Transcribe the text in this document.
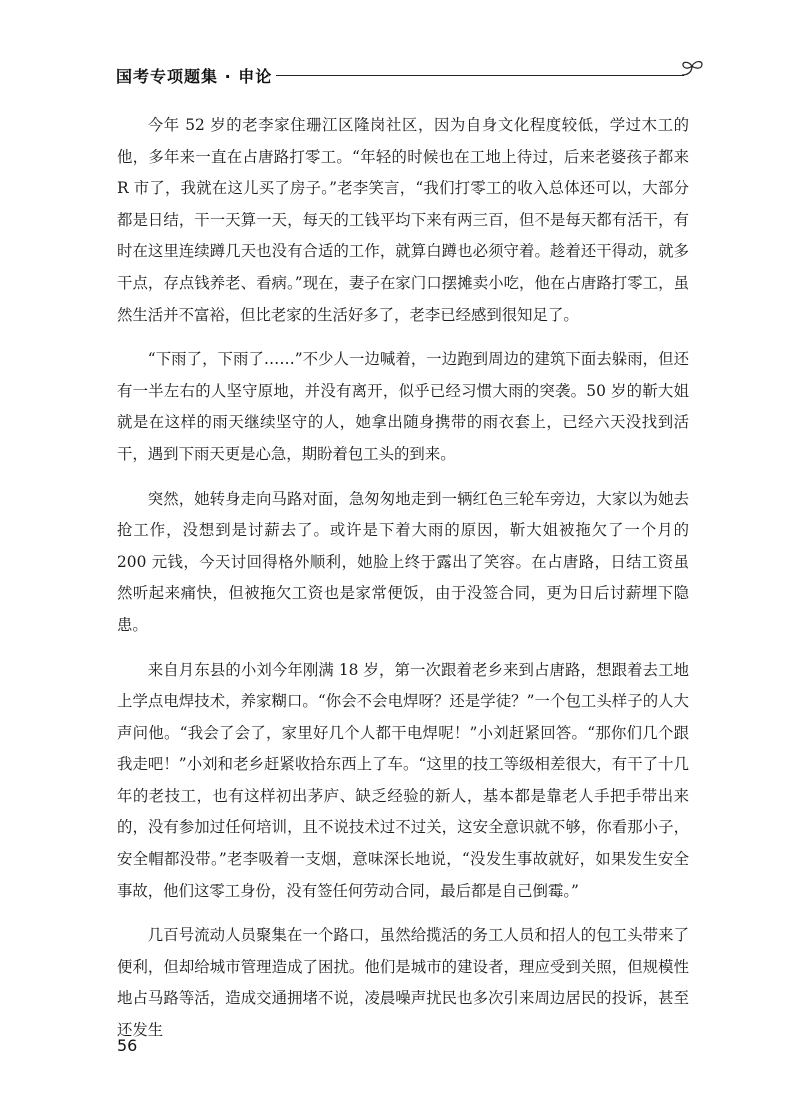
国考专项题集 · 申论

今年 52 岁的老李家住珊江区隆岗社区，因为自身文化程度较低，学过木工的他，多年来一直在占唐路打零工。“年轻的时候也在工地上待过，后来老婆孩子都来 R 市了，我就在这儿买了房子。”老李笑言，“我们打零工的收入总体还可以，大部分都是日结，干一天算一天，每天的工钱平均下来有两三百，但不是每天都有活干，有时在这里连续蹲几天也没有合适的工作，就算白蹲也必须守着。趁着还干得动，就多干点，存点钱养老、看病。”现在，妻子在家门口摆摊卖小吃，他在占唐路打零工，虽然生活并不富裕，但比老家的生活好多了，老李已经感到很知足了。

“下雨了，下雨了……”不少人一边喊着，一边跑到周边的建筑下面去躲雨，但还有一半左右的人坚守原地，并没有离开，似乎已经习惯大雨的突袭。50 岁的靳大姐就是在这样的雨天继续坚守的人，她拿出随身携带的雨衣套上，已经六天没找到活干，遇到下雨天更是心急，期盼着包工头的到来。

突然，她转身走向马路对面，急匆匆地走到一辆红色三轮车旁边，大家以为她去抢工作，没想到是讨薪去了。或许是下着大雨的原因，靳大姐被拖欠了一个月的 200 元钱，今天讨回得格外顺利，她脸上终于露出了笑容。在占唐路，日结工资虽然听起来痛快，但被拖欠工资也是家常便饭，由于没签合同，更为日后讨薪埋下隐患。

来自月东县的小刘今年刚满 18 岁，第一次跟着老乡来到占唐路，想跟着去工地上学点电焊技术，养家糊口。“你会不会电焊呀？还是学徒？”一个包工头样子的人大声问他。“我会了会了，家里好几个人都干电焊呢！”小刘赶紧回答。“那你们几个跟我走吧！”小刘和老乡赶紧收拾东西上了车。“这里的技工等级相差很大，有干了十几年的老技工，也有这样初出茅庐、缺乏经验的新人，基本都是靠老人手把手带出来的，没有参加过任何培训，且不说技术过不过关，这安全意识就不够，你看那小子，安全帽都没带。”老李吸着一支烟，意味深长地说，“没发生事故就好，如果发生安全事故，他们这零工身份，没有签任何劳动合同，最后都是自己倒霉。”

几百号流动人员聚集在一个路口，虽然给揽活的务工人员和招人的包工头带来了便利，但却给城市管理造成了困扰。他们是城市的建设者，理应受到关照，但规模性地占马路等活，造成交通拥堵不说，凌晨噪声扰民也多次引来周边居民的投诉，甚至还发生

56
